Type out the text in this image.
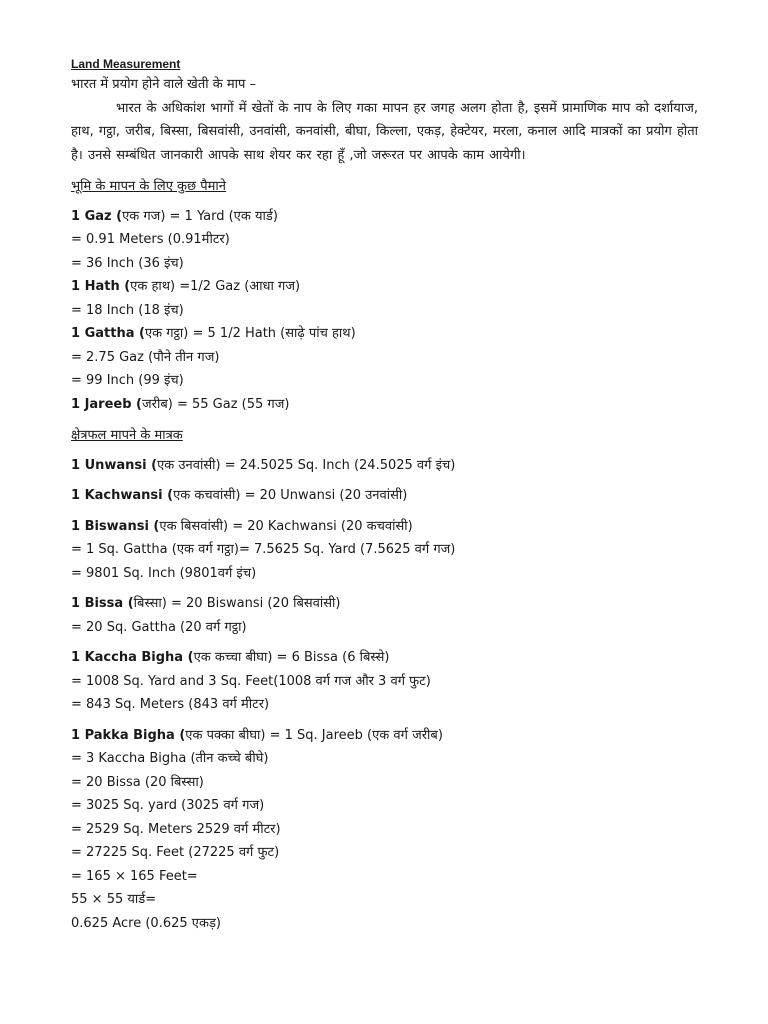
Land Measurement
भारत में प्रयोग होने वाले खेती के माप –

भारत के अधिकांश भागों में खेतों के नाप के लिए गका मापन हर जगह अलग होता है, इसमें प्रामाणिक माप को दर्शायाज, हाथ, गट्ठा, जरीब, बिस्सा, बिसवांसी, उनवांसी, कनवांसी, बीघा, किल्ला, एकड़, हेक्टेयर, मरला, कनाल आदि मात्रकों का प्रयोग होता है। उनसे सम्बंधित जानकारी आपके साथ शेयर कर रहा हूँ ,जो जरूरत पर आपके काम आयेगी।

भूमि के मापन के लिए कुछ पैमाने
1 Gaz (एक गज) = 1 Yard (एक यार्ड)
= 0.91 Meters (0.91मीटर)
= 36 Inch (36 इंच)
1 Hath (एक हाथ) =1/2 Gaz (आधा गज)
= 18 Inch (18 इंच)
1 Gattha (एक गट्ठा) = 5 1/2 Hath (साढ़े पांच हाथ)
= 2.75 Gaz (पौने तीन गज)
= 99 Inch (99 इंच)
1 Jareeb (जरीब) = 55 Gaz (55 गज)
क्षेत्रफल मापने के मात्रक
1 Unwansi (एक उनवांसी) = 24.5025 Sq. Inch (24.5025 वर्ग इंच)
1 Kachwansi (एक कचवांसी) = 20 Unwansi (20 उनवांसी)
1 Biswansi (एक बिसवांसी) = 20 Kachwansi (20 कचवांसी)
= 1 Sq. Gattha (एक वर्ग गट्ठा)= 7.5625 Sq. Yard (7.5625 वर्ग गज)
= 9801 Sq. Inch (9801वर्ग इंच)
1 Bissa (बिस्सा) = 20 Biswansi (20 बिसवांसी)
= 20 Sq. Gattha (20 वर्ग गट्ठा)
1 Kaccha Bigha (एक कच्चा बीघा) = 6 Bissa (6 बिस्से)
= 1008 Sq. Yard and 3 Sq. Feet(1008 वर्ग गज और 3 वर्ग फुट)
= 843 Sq. Meters (843 वर्ग मीटर)
1 Pakka Bigha (एक पक्का बीघा) = 1 Sq. Jareeb (एक वर्ग जरीब)
= 3 Kaccha Bigha (तीन कच्चे बीघे)
= 20 Bissa (20 बिस्सा)
= 3025 Sq. yard (3025 वर्ग गज)
= 2529 Sq. Meters 2529 वर्ग मीटर)
= 27225 Sq. Feet (27225 वर्ग फुट)
= 165 × 165 Feet=
55 × 55 यार्ड=
0.625 Acre (0.625 एकड़)
